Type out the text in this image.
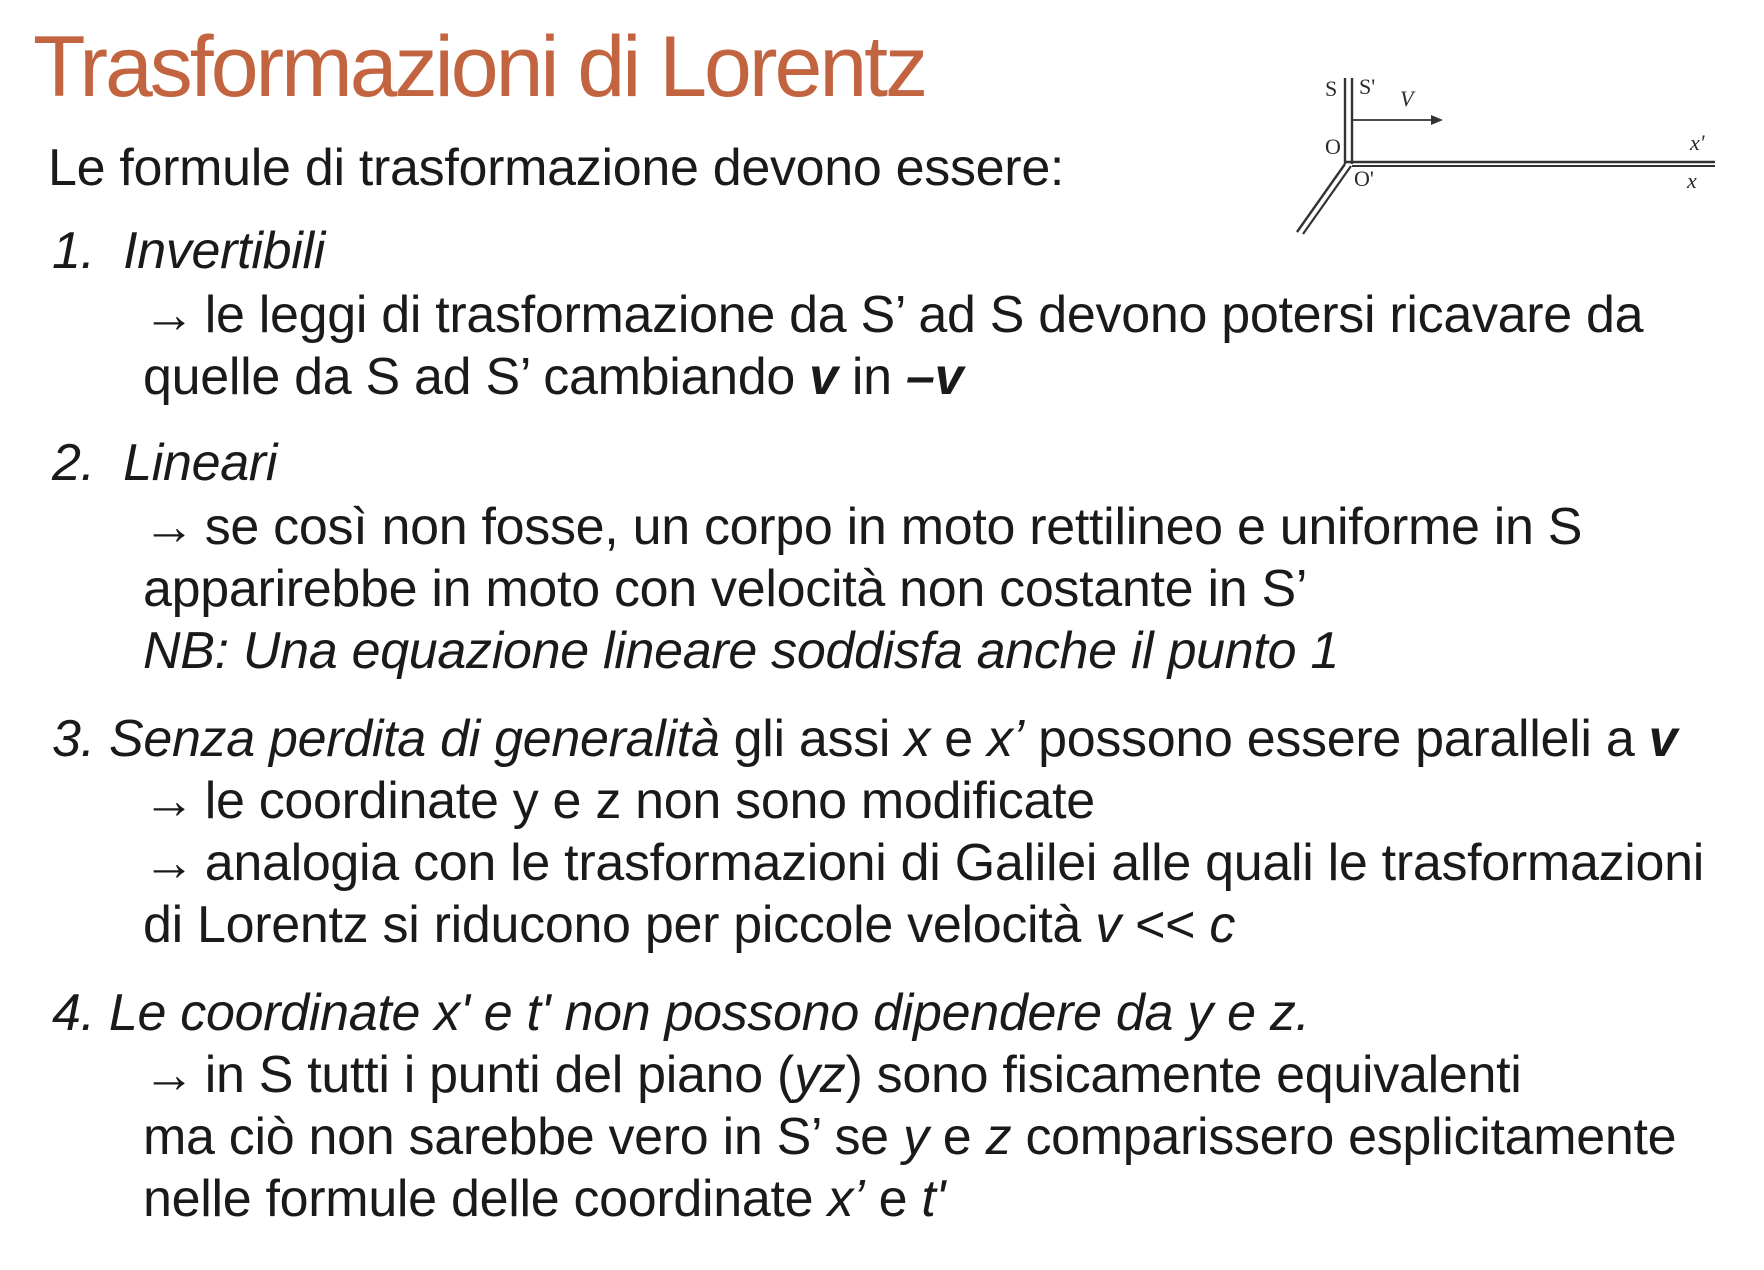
Trasformazioni di Lorentz
Le formule di trasformazione devono essere:
S S' V
O
O'
x'
x
1. Invertibili
→ le leggi di trasformazione da S’ ad S devono potersi ricavare da
quelle da S ad S’ cambiando v in –v
2. Lineari
→ se così non fosse, un corpo in moto rettilineo e uniforme in S
apparirebbe in moto con velocità non costante in S’
NB: Una equazione lineare soddisfa anche il punto 1
3. Senza perdita di generalità gli assi x e x’ possono essere paralleli a v
→ le coordinate y e z non sono modificate
→ analogia con le trasformazioni di Galilei alle quali le trasformazioni
di Lorentz si riducono per piccole velocità v << c
4. Le coordinate x' e t' non possono dipendere da y e z.
→ in S tutti i punti del piano (yz) sono fisicamente equivalenti
ma ciò non sarebbe vero in S’ se y e z comparissero esplicitamente
nelle formule delle coordinate x’ e t'
